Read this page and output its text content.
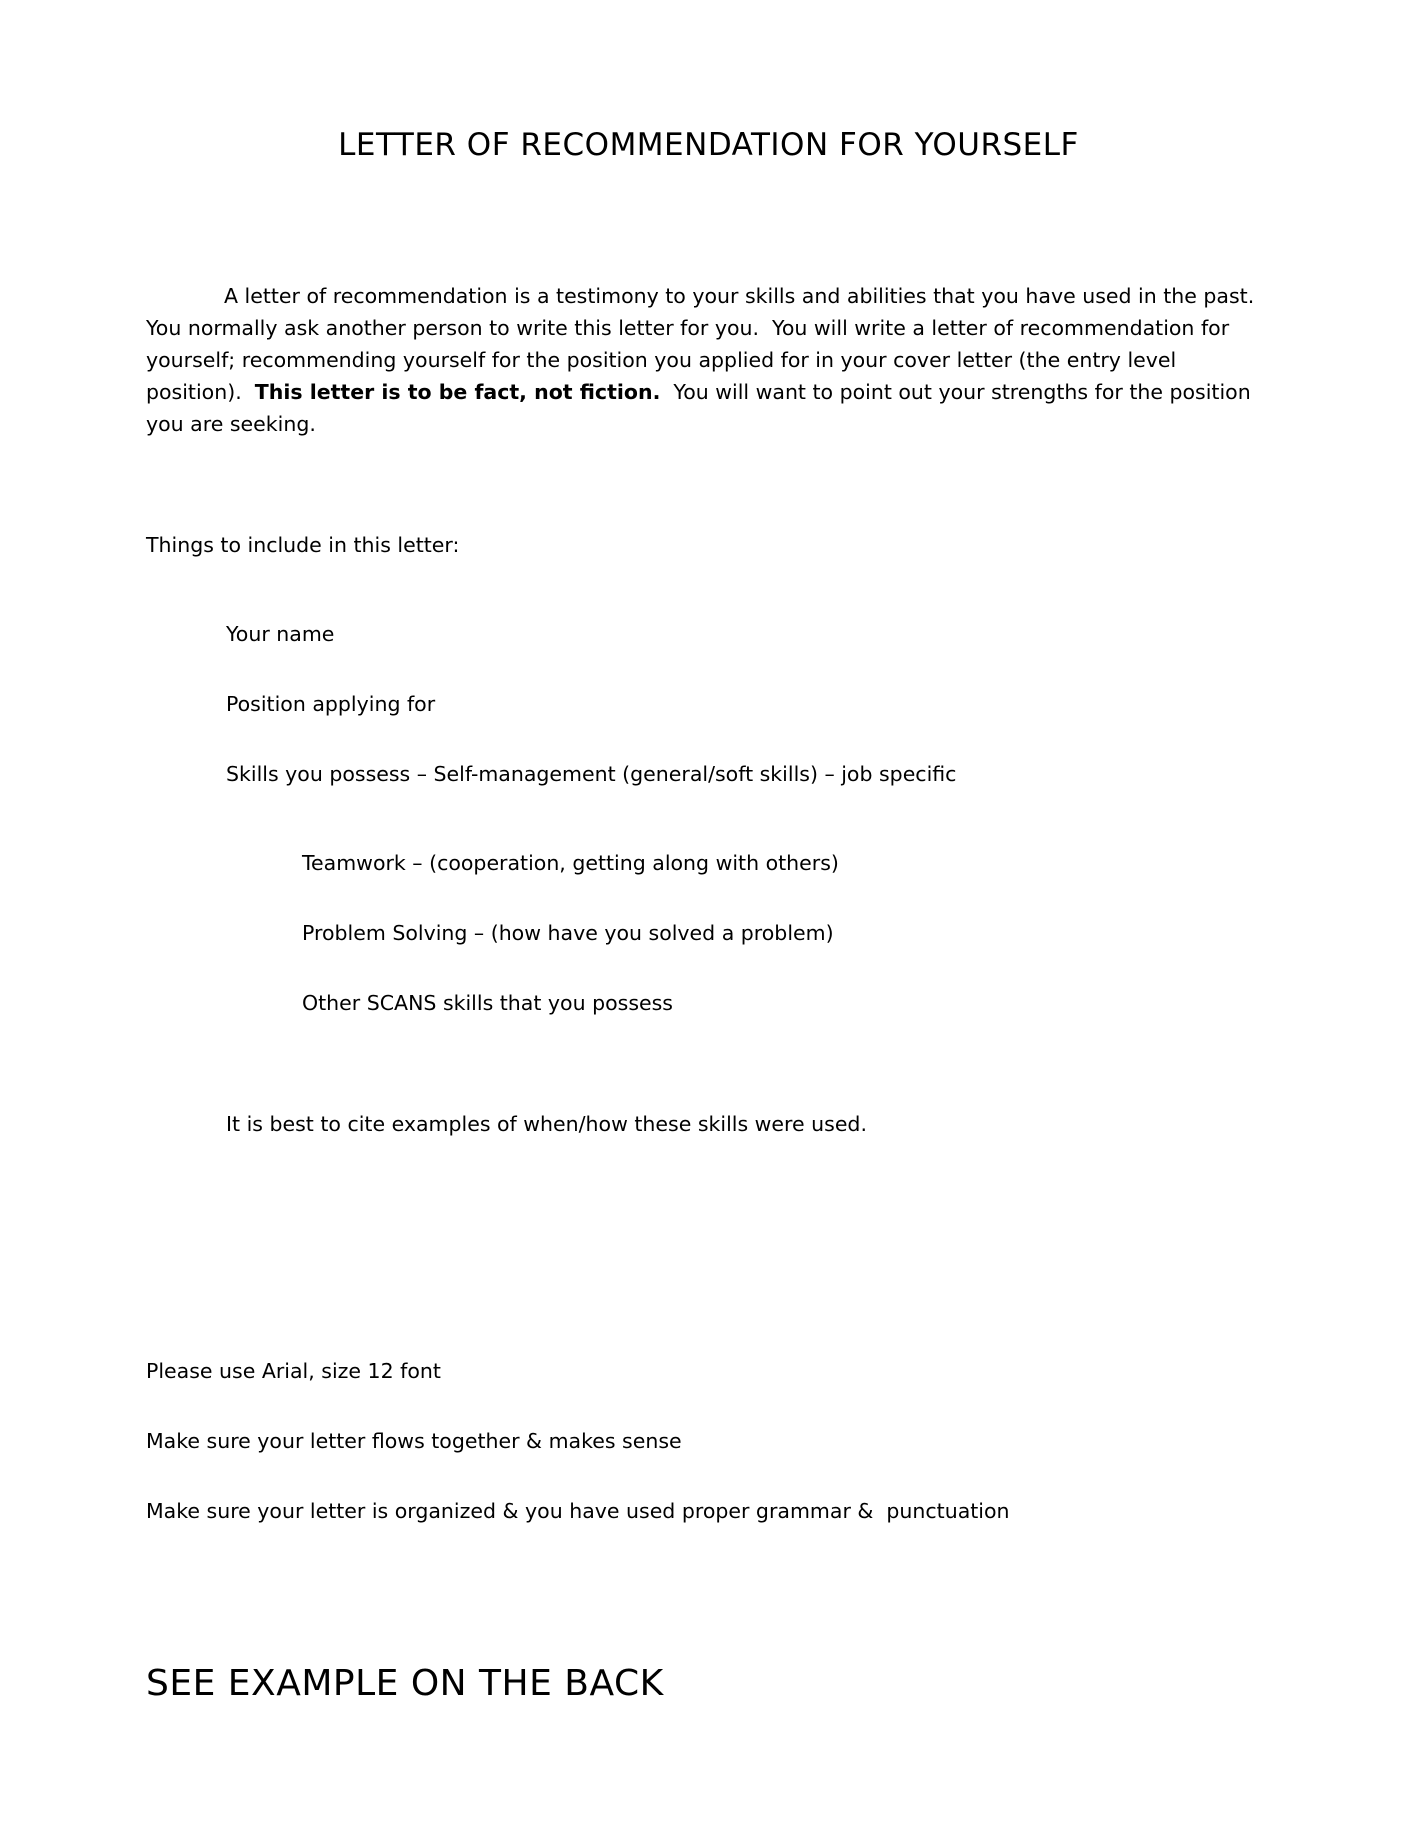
LETTER OF RECOMMENDATION FOR YOURSELF

A letter of recommendation is a testimony to your skills and abilities that you have used in the past.  You normally ask another person to write this letter for you.  You will write a letter of recommendation for yourself; recommending yourself for the position you applied for in your cover letter (the entry level position).  This letter is to be fact, not fiction.  You will want to point out your strengths for the position you are seeking.

Things to include in this letter:

Your name

Position applying for

Skills you possess – Self-management (general/soft skills) – job specific

Teamwork – (cooperation, getting along with others)

Problem Solving – (how have you solved a problem)

Other SCANS skills that you possess

It is best to cite examples of when/how these skills were used.

Please use Arial, size 12 font

Make sure your letter flows together & makes sense

Make sure your letter is organized & you have used proper grammar &  punctuation

SEE EXAMPLE ON THE BACK
